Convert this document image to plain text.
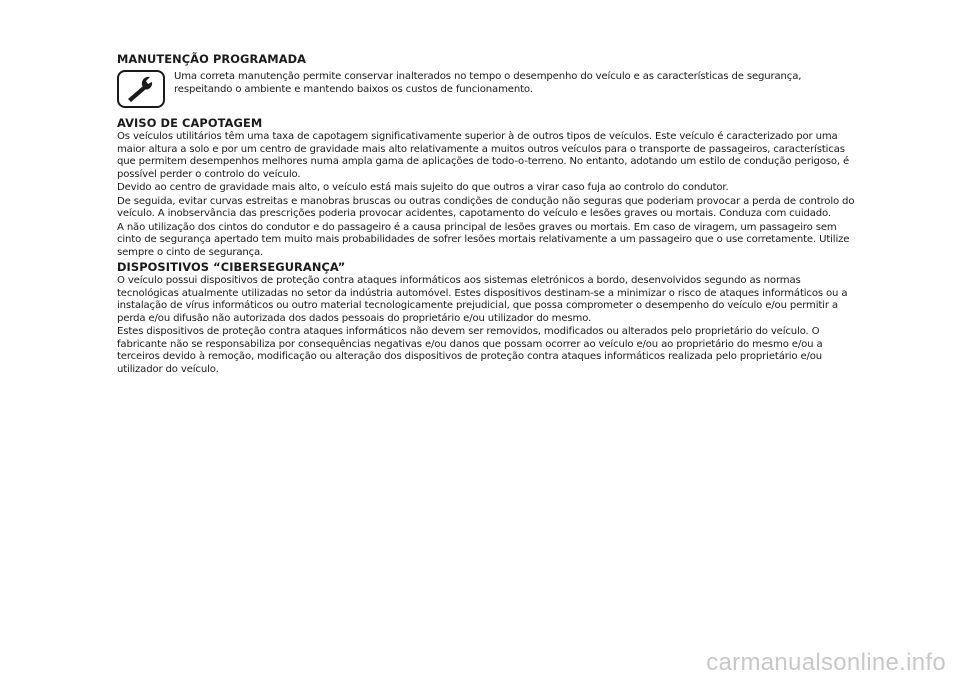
MANUTENÇÃO PROGRAMADA

Uma correta manutenção permite conservar inalterados no tempo o desempenho do veículo e as características de segurança, respeitando o ambiente e mantendo baixos os custos de funcionamento.

AVISO DE CAPOTAGEM

Os veículos utilitários têm uma taxa de capotagem significativamente superior à de outros tipos de veículos. Este veículo é caracterizado por uma maior altura a solo e por um centro de gravidade mais alto relativamente a muitos outros veículos para o transporte de passageiros, características que permitem desempenhos melhores numa ampla gama de aplicações de todo-o-terreno. No entanto, adotando um estilo de condução perigoso, é possível perder o controlo do veículo.

Devido ao centro de gravidade mais alto, o veículo está mais sujeito do que outros a virar caso fuja ao controlo do condutor.

De seguida, evitar curvas estreitas e manobras bruscas ou outras condições de condução não seguras que poderiam provocar a perda de controlo do veículo. A inobservância das prescrições poderia provocar acidentes, capotamento do veículo e lesões graves ou mortais. Conduza com cuidado.

A não utilização dos cintos do condutor e do passageiro é a causa principal de lesões graves ou mortais. Em caso de viragem, um passageiro sem cinto de segurança apertado tem muito mais probabilidades de sofrer lesões mortais relativamente a um passageiro que o use corretamente. Utilize sempre o cinto de segurança.

DISPOSITIVOS “CIBERSEGURANÇA”

O veículo possui dispositivos de proteção contra ataques informáticos aos sistemas eletrónicos a bordo, desenvolvidos segundo as normas tecnológicas atualmente utilizadas no setor da indústria automóvel. Estes dispositivos destinam-se a minimizar o risco de ataques informáticos ou a instalação de vírus informáticos ou outro material tecnologicamente prejudicial, que possa comprometer o desempenho do veículo e/ou permitir a perda e/ou difusão não autorizada dos dados pessoais do proprietário e/ou utilizador do mesmo.

Estes dispositivos de proteção contra ataques informáticos não devem ser removidos, modificados ou alterados pelo proprietário do veículo. O fabricante não se responsabiliza por consequências negativas e/ou danos que possam ocorrer ao veículo e/ou ao proprietário do mesmo e/ou a terceiros devido à remoção, modificação ou alteração dos dispositivos de proteção contra ataques informáticos realizada pelo proprietário e/ou utilizador do veículo.

carmanualsonline.info
